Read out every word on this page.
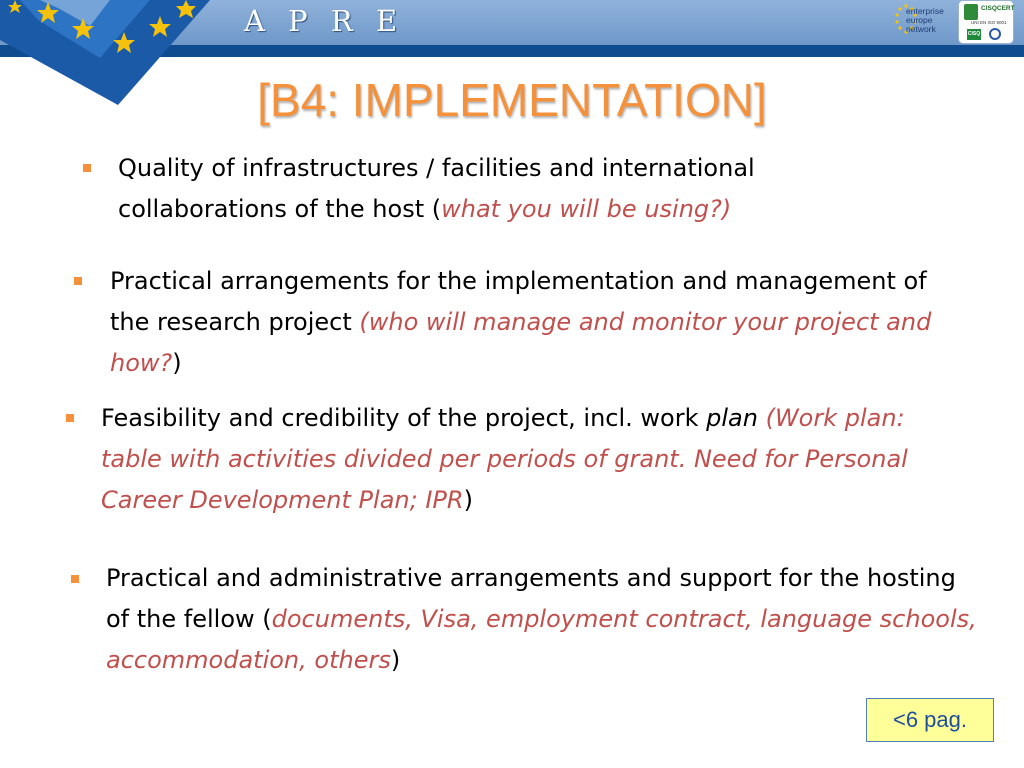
A P R E	enterprise
europe
network
CISQCERT
UNI EN ISO 9001
CISQ
[B4: IMPLEMENTATION]

Quality of infrastructures / facilities and international collaborations of the host (what you will be using?)

Practical arrangements for the implementation and management of the research project (who will manage and monitor your project and how?)

Feasibility and credibility of the project, incl. work plan (Work plan: table with activities divided per periods of grant. Need for Personal Career Development Plan; IPR)

Practical and administrative arrangements and support for the hosting of the fellow (documents, Visa, employment contract, language schools, accommodation, others)

<6 pag.
